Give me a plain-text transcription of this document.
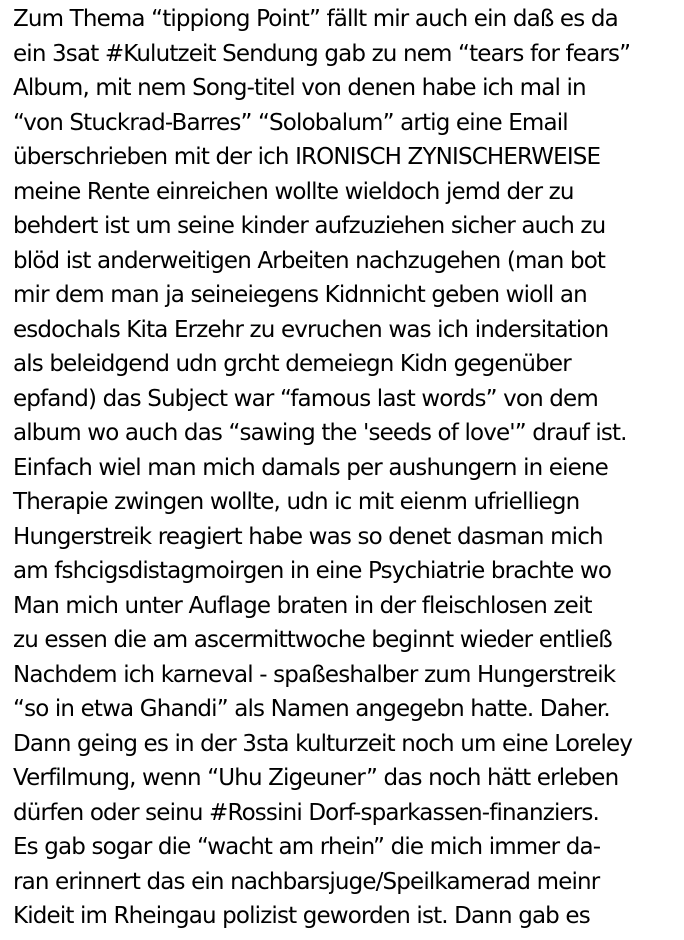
Zum Thema “tippiong Point” fällt mir auch ein daß es da
ein 3sat #Kulutzeit Sendung gab zu nem “tears for fears”
Album, mit nem Song-titel von denen habe ich mal in
“von Stuckrad-Barres” “Solobalum” artig eine Email
überschrieben mit der ich IRONISCH ZYNISCHERWEISE
meine Rente einreichen wollte wieldoch jemd der zu
behdert ist um seine kinder aufzuziehen sicher auch zu
blöd ist anderweitigen Arbeiten nachzugehen (man bot
mir dem man ja seineiegens Kidnnicht geben wioll an
esdochals Kita Erzehr zu evruchen was ich indersitation
als beleidgend udn grcht demeiegn Kidn gegenüber
epfand) das Subject war “famous last words” von dem
album wo auch das “sawing the 'seeds of love'” drauf ist.
Einfach wiel man mich damals per aushungern in eiene
Therapie zwingen wollte, udn ic mit eienm ufrielliegn
Hungerstreik reagiert habe was so denet dasman mich
am fshcigsdistagmoirgen in eine Psychiatrie brachte wo
Man mich unter Auflage braten in der fleischlosen zeit
zu essen die am ascermittwoche beginnt wieder entließ
Nachdem ich karneval - spaßeshalber zum Hungerstreik
“so in etwa Ghandi” als Namen angegebn hatte. Daher.
Dann geing es in der 3sta kulturzeit noch um eine Loreley
Verfilmung, wenn “Uhu Zigeuner” das noch hätt erleben
dürfen oder seinu #Rossini Dorf-sparkassen-finanziers.
Es gab sogar die “wacht am rhein” die mich immer da-
ran erinnert das ein nachbarsjuge/Speilkamerad meinr
Kideit im Rheingau polizist geworden ist. Dann gab es
